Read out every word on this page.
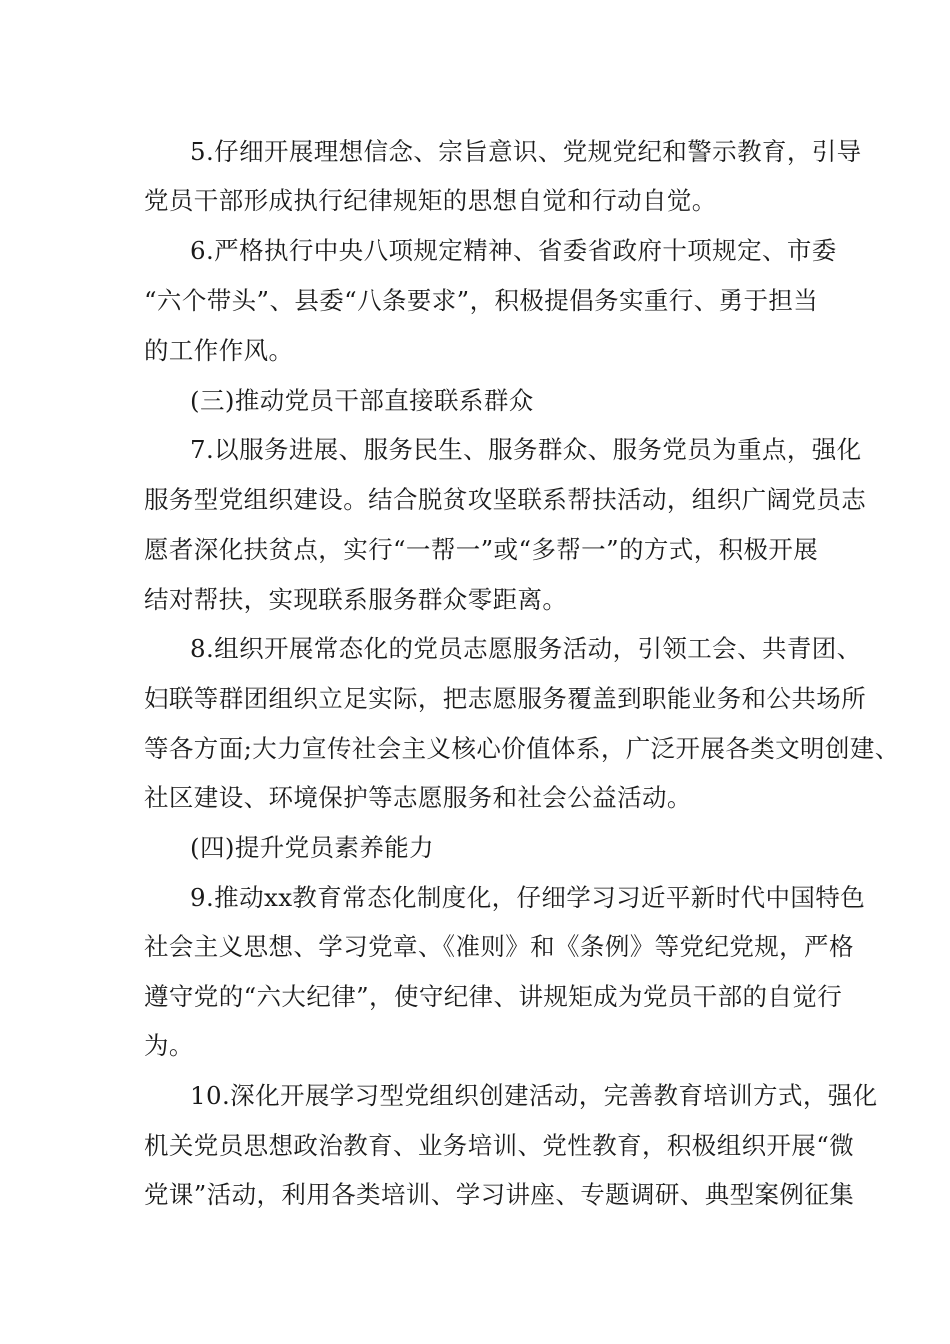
5.仔细开展理想信念、宗旨意识、党规党纪和警示教育，引导
党员干部形成执行纪律规矩的思想自觉和行动自觉。
6.严格执行中央八项规定精神、省委省政府十项规定、市委
“六个带头”、县委“八条要求”，积极提倡务实重行、勇于担当
的工作作风。
(三)推动党员干部直接联系群众
7.以服务进展、服务民生、服务群众、服务党员为重点，强化
服务型党组织建设。结合脱贫攻坚联系帮扶活动，组织广阔党员志
愿者深化扶贫点，实行“一帮一”或“多帮一”的方式，积极开展
结对帮扶，实现联系服务群众零距离。
8.组织开展常态化的党员志愿服务活动，引领工会、共青团、
妇联等群团组织立足实际，把志愿服务覆盖到职能业务和公共场所
等各方面;大力宣传社会主义核心价值体系，广泛开展各类文明创建、
社区建设、环境保护等志愿服务和社会公益活动。
(四)提升党员素养能力
9.推动xx教育常态化制度化，仔细学习习近平新时代中国特色
社会主义思想、学习党章、《准则》和《条例》等党纪党规，严格
遵守党的“六大纪律”，使守纪律、讲规矩成为党员干部的自觉行
为。
10.深化开展学习型党组织创建活动，完善教育培训方式，强化
机关党员思想政治教育、业务培训、党性教育，积极组织开展“微
党课”活动，利用各类培训、学习讲座、专题调研、典型案例征集
